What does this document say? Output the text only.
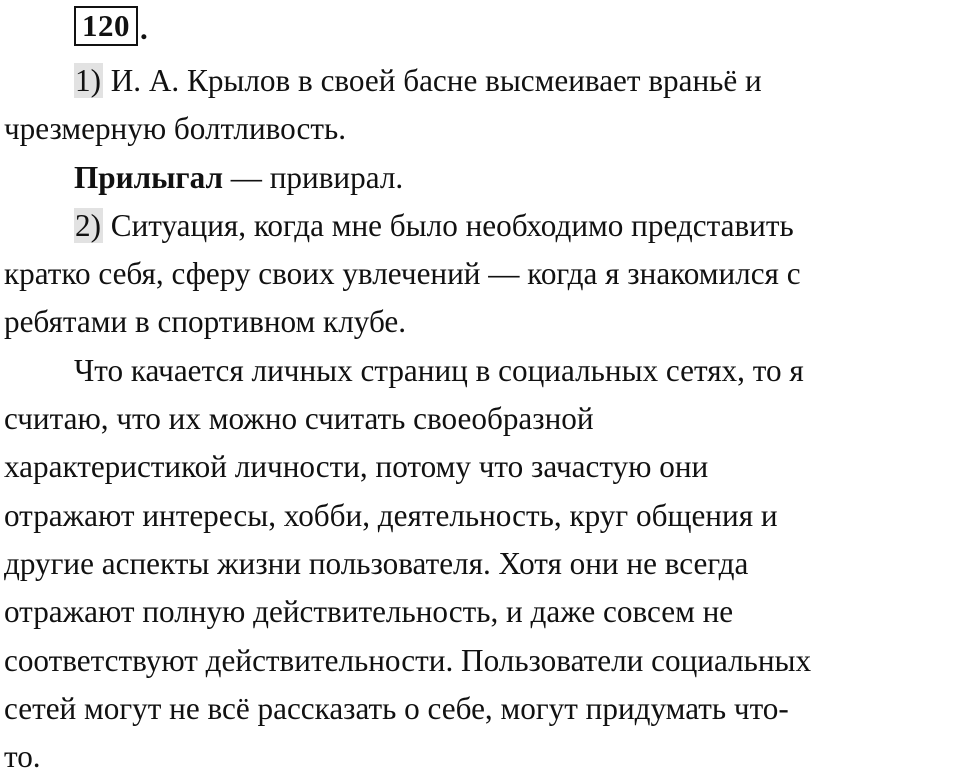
120 .

1) И. А. Крылов в своей басне высмеивает враньё и

чрезмерную болтливость.

Прилыгал — привирал.

2) Ситуация, когда мне было необходимо представить

кратко себя, сферу своих увлечений — когда я знакомился с
ребятами в спортивном клубе.

Что качается личных страниц в социальных сетях, то я

считаю, что их можно считать своеобразной
характеристикой личности, потому что зачастую они
отражают интересы, хобби, деятельность, круг общения и
другие аспекты жизни пользователя. Хотя они не всегда
отражают полную действительность, и даже совсем не
соответствуют действительности. Пользователи социальных
сетей могут не всё рассказать о себе, могут придумать что-
то.
